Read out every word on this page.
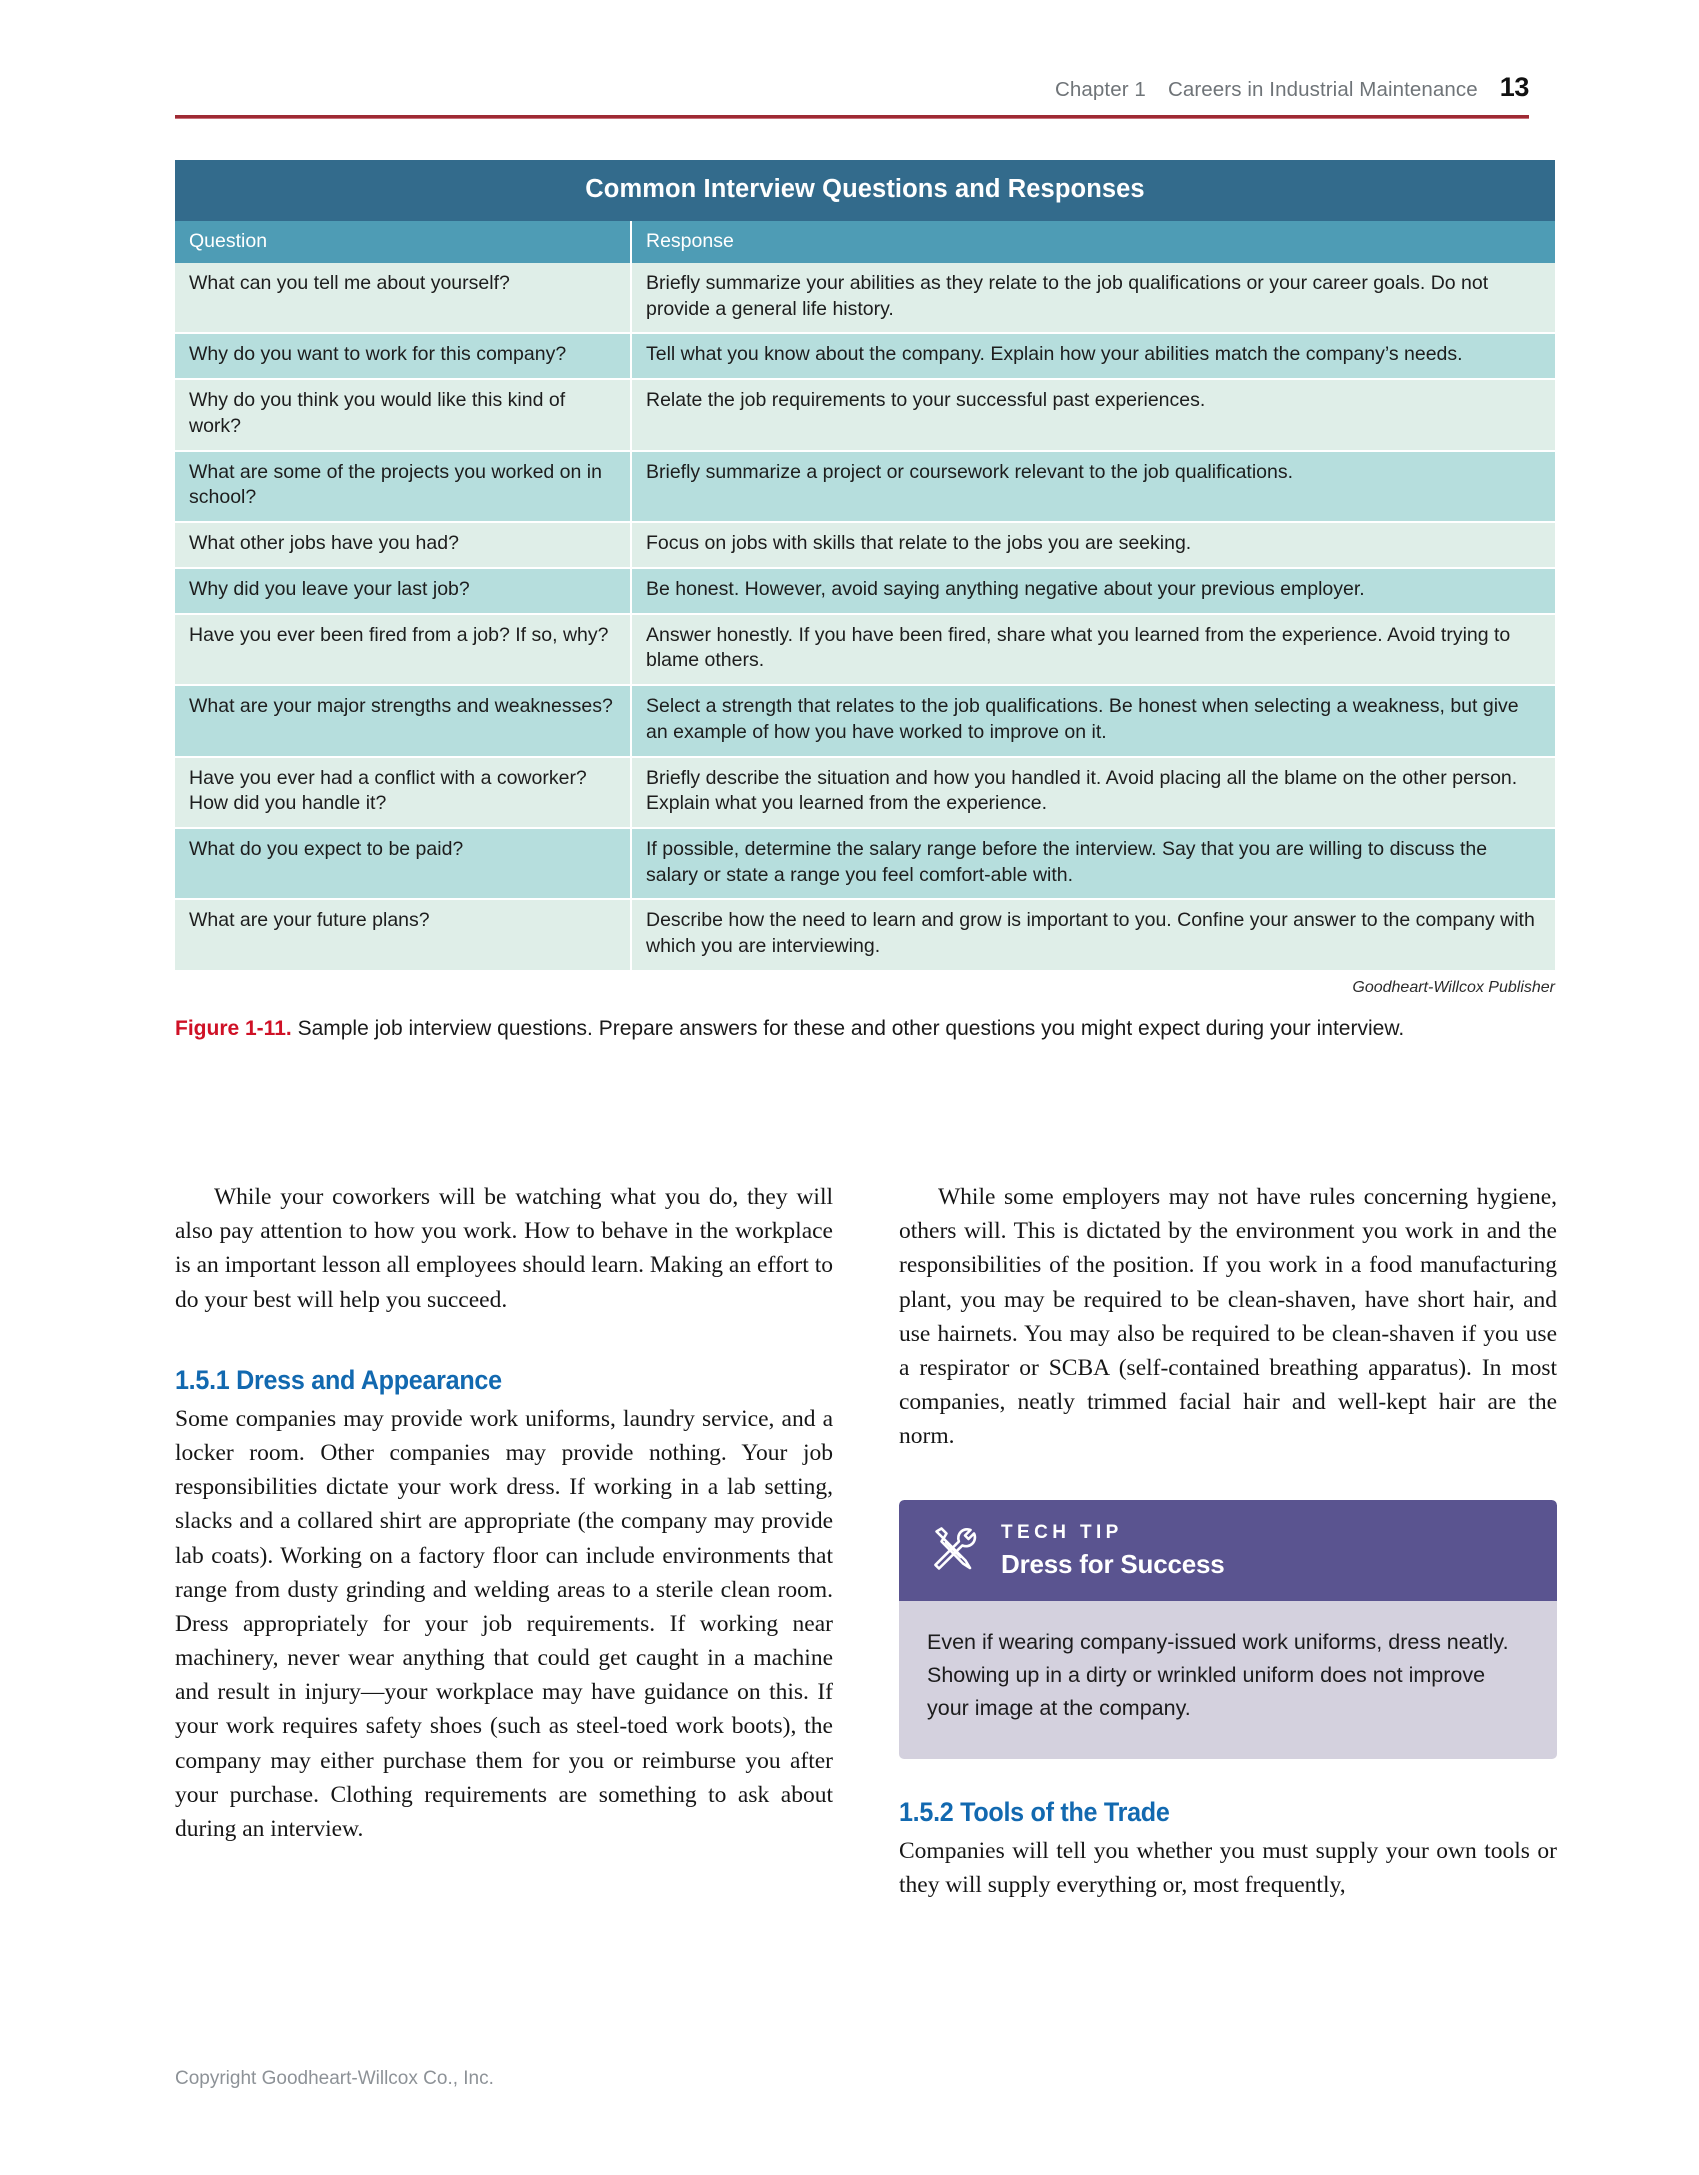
Chapter 1 Careers in Industrial Maintenance 13
Common Interview Questions and Responses
Question	Response
What can you tell me about yourself?	Briefly summarize your abilities as they relate to the job qualifications or your career goals. Do not provide a general life history.
Why do you want to work for this company?	Tell what you know about the company. Explain how your abilities match the company’s needs.
Why do you think you would like this kind of work?	Relate the job requirements to your successful past experiences.
What are some of the projects you worked on in school?	Briefly summarize a project or coursework relevant to the job qualifications.
What other jobs have you had?	Focus on jobs with skills that relate to the jobs you are seeking.
Why did you leave your last job?	Be honest. However, avoid saying anything negative about your previous employer.
Have you ever been fired from a job? If so, why?	Answer honestly. If you have been fired, share what you learned from the experience. Avoid trying to blame others.
What are your major strengths and weaknesses?	Select a strength that relates to the job qualifications. Be honest when selecting a weakness, but give an example of how you have worked to improve on it.
Have you ever had a conflict with a coworker? How did you handle it?	Briefly describe the situation and how you handled it. Avoid placing all the blame on the other person. Explain what you learned from the experience.
What do you expect to be paid?	If possible, determine the salary range before the interview. Say that you are willing to discuss the salary or state a range you feel comfort-able with.
What are your future plans?	Describe how the need to learn and grow is important to you. Confine your answer to the company with which you are interviewing.
Goodheart-Willcox Publisher
Figure 1-11. Sample job interview questions. Prepare answers for these and other questions you might expect during your interview.

While your coworkers will be watching what you do, they will also pay attention to how you work. How to behave in the workplace is an important lesson all employees should learn. Making an effort to do your best will help you succeed.

1.5.1 Dress and Appearance

Some companies may provide work uniforms, laundry service, and a locker room. Other companies may provide nothing. Your job responsibilities dictate your work dress. If working in a lab setting, slacks and a collared shirt are appropriate (the company may provide lab coats). Working on a factory floor can include environments that range from dusty grinding and welding areas to a sterile clean room. Dress appropriately for your job requirements. If working near machinery, never wear anything that could get caught in a machine and result in injury—your workplace may have guidance on this. If your work requires safety shoes (such as steel-toed work boots), the company may either purchase them for you or reimburse you after your purchase. Clothing requirements are something to ask about during an interview.

While some employers may not have rules concerning hygiene, others will. This is dictated by the environment you work in and the responsibilities of the position. If you work in a food manufacturing plant, you may be required to be clean-shaven, have short hair, and use hairnets. You may also be required to be clean-shaven if you use a respirator or SCBA (self-contained breathing apparatus). In most companies, neatly trimmed facial hair and well-kept hair are the norm.

TECH TIP
Dress for Success
Even if wearing company-issued work uniforms, dress neatly. Showing up in a dirty or wrinkled uniform does not improve your image at the company.
1.5.2 Tools of the Trade

Companies will tell you whether you must supply your own tools or they will supply everything or, most frequently,

Copyright Goodheart-Willcox Co., Inc.
